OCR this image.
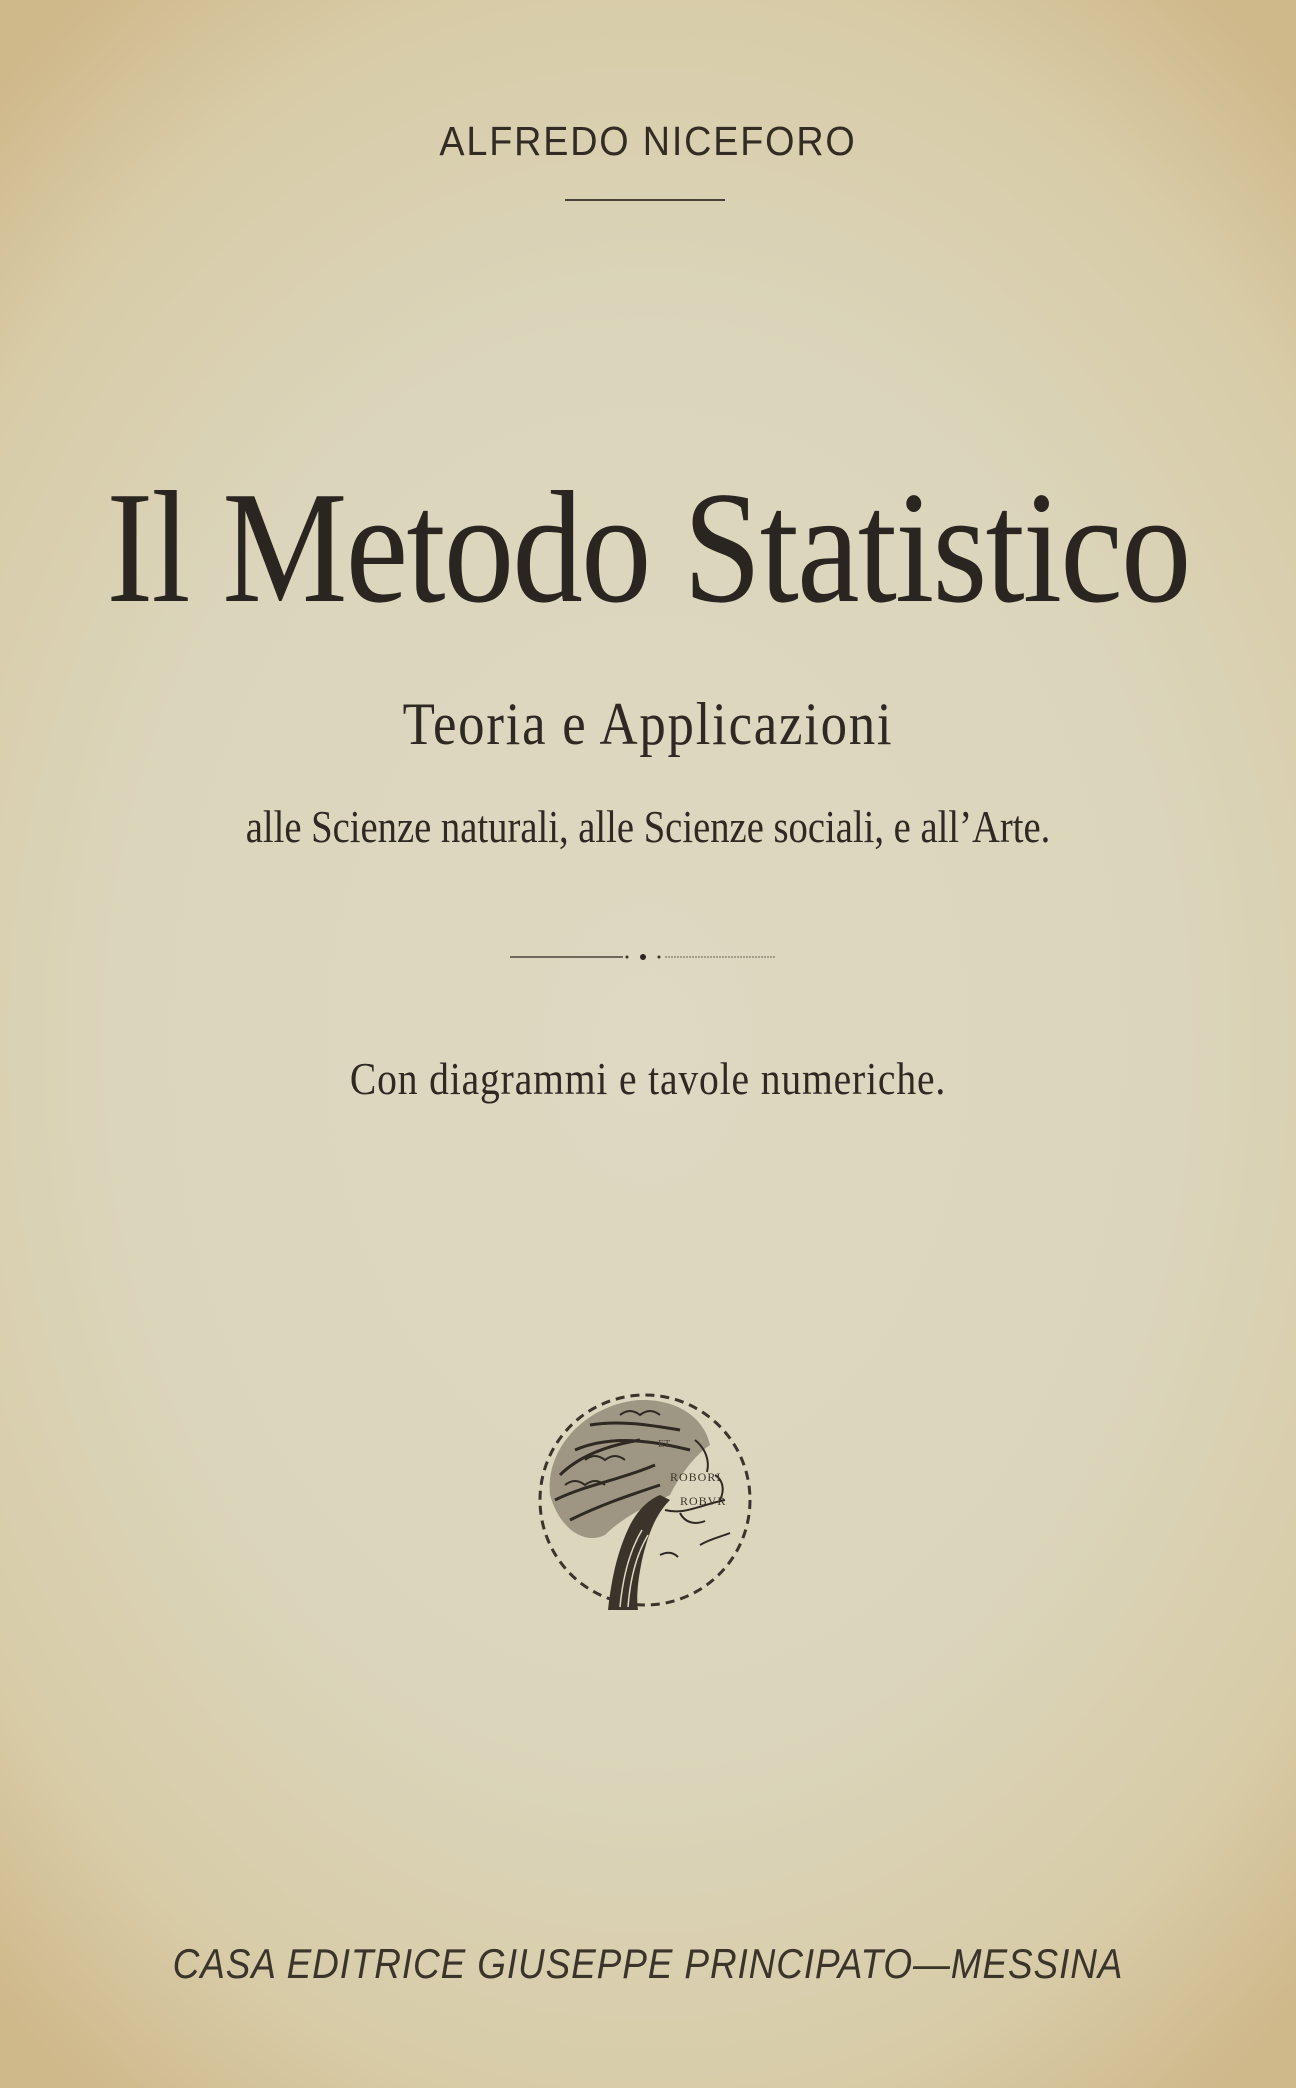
ALFREDO NICEFORO
Il Metodo Statistico
Teoria e Applicazioni
alle Scienze naturali, alle Scienze sociali, e all’Arte.
Con diagrammi e tavole numeriche.
ET
ROBORI
ROBVR
CASA EDITRICE GIUSEPPE PRINCIPATO—MESSINA
